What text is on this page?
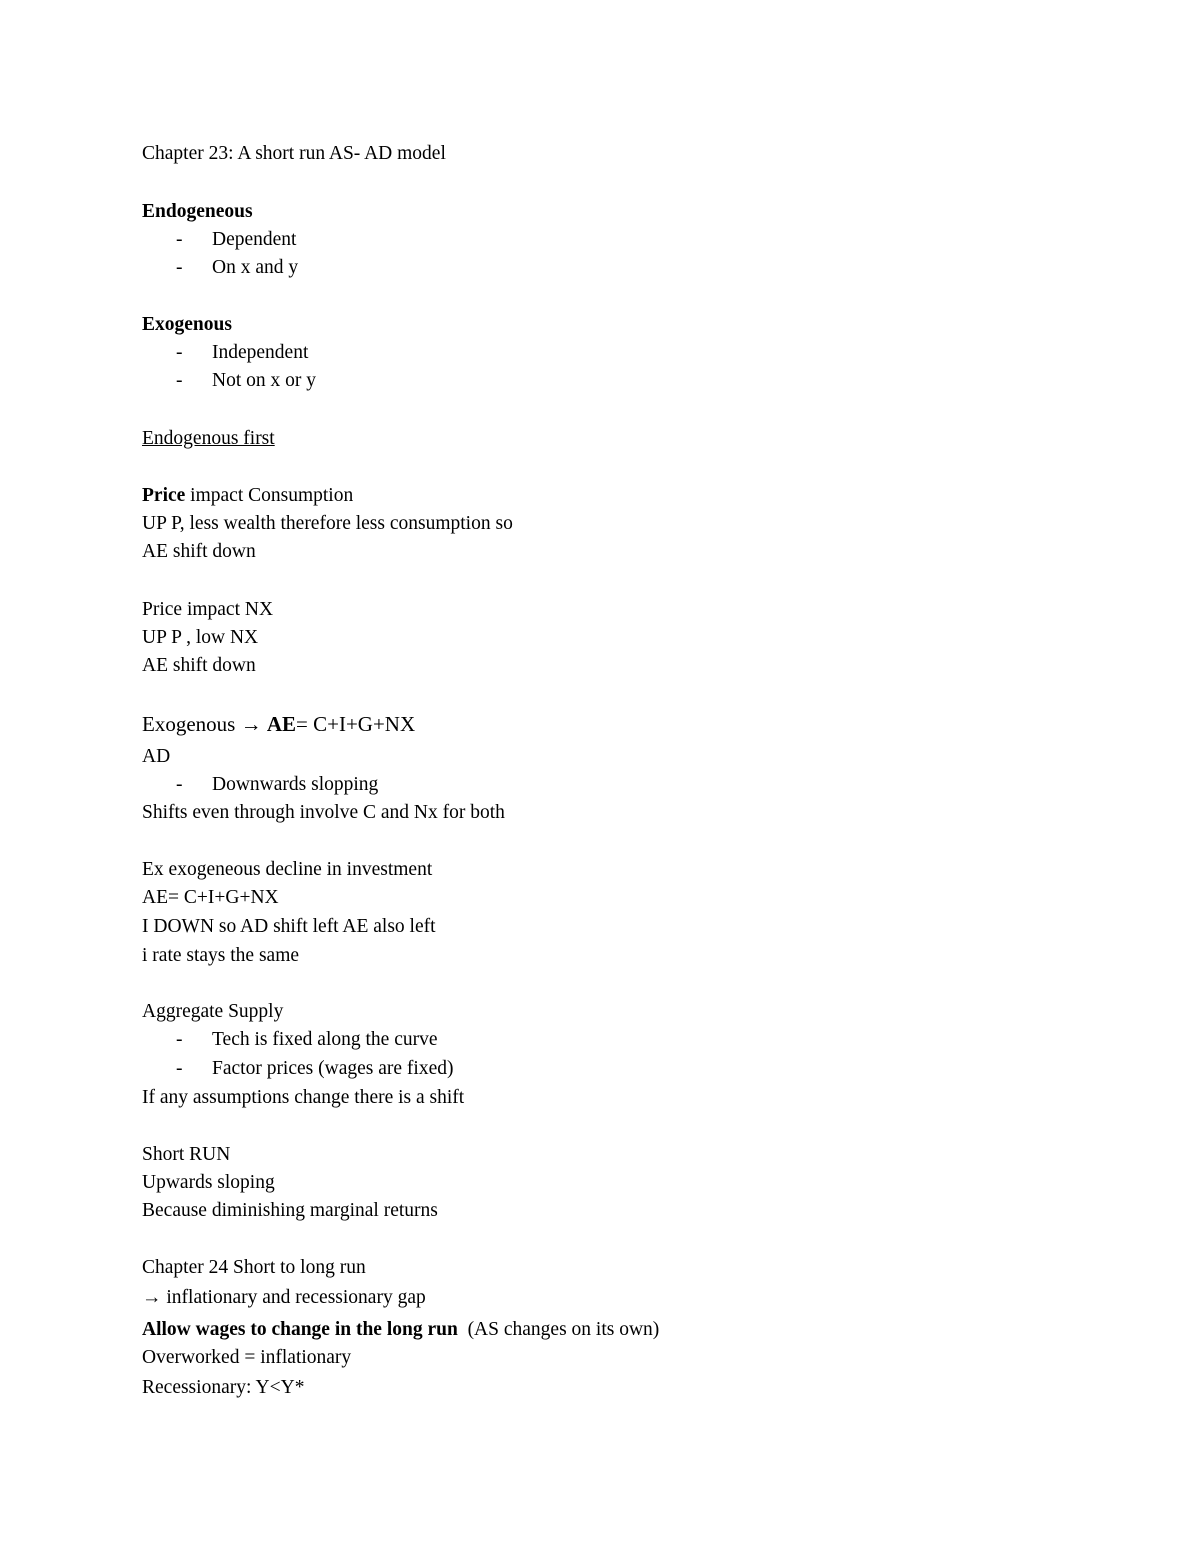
Chapter 23: A short run AS- AD model
Endogeneous
- Dependent
- On x and y
Exogenous
- Independent
- Not on x or y
Endogenous first
Price impact Consumption
UP P, less wealth therefore less consumption so
AE shift down
Price impact NX
UP P , low NX
AE shift down
Exogenous → AE= C+I+G+NX
AD
- Downwards slopping
Shifts even through involve C and Nx for both
Ex exogeneous decline in investment
AE= C+I+G+NX
I DOWN so AD shift left AE also left
i rate stays the same
Aggregate Supply
- Tech is fixed along the curve
- Factor prices (wages are fixed)
If any assumptions change there is a shift
Short RUN
Upwards sloping
Because diminishing marginal returns
Chapter 24 Short to long run
→ inflationary and recessionary gap
Allow wages to change in the long run  (AS changes on its own)
Overworked = inflationary
Recessionary: Y<Y*
